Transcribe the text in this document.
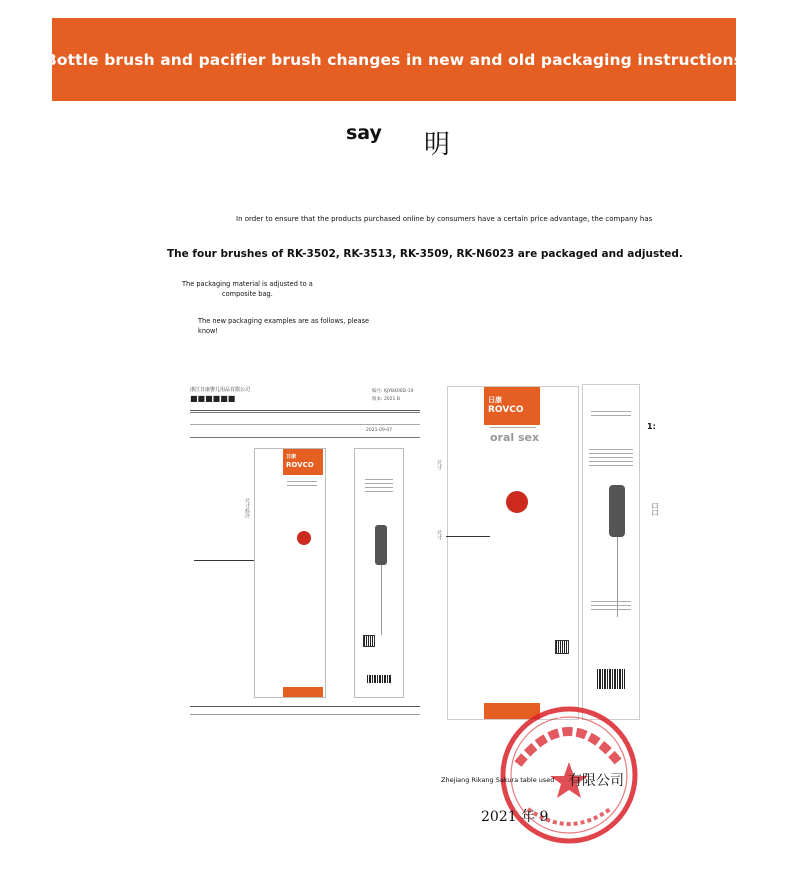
Bottle brush and pacifier brush changes in new and old packaging instructions
say 明
In order to ensure that the products purchased online by consumers have a certain price advantage, the company has
The four brushes of RK-3502, RK-3513, RK-3509, RK-N6023 are packaged and adjusted.
The packaging material is adjusted to a
composite bag.
The new packaging examples are as follows, please know!
浙江日康婴儿用品有限公司
■■■■■■
编号: KJYB400D-19
版本: 2021 B
2021-09-07
日康
ROVCO
尺寸标注
日康
ROVCO
oral sex
尺寸
尺寸
1:
口口
use
Zhejiang Rikang Sakura table used 有限公司
2021 年 9
